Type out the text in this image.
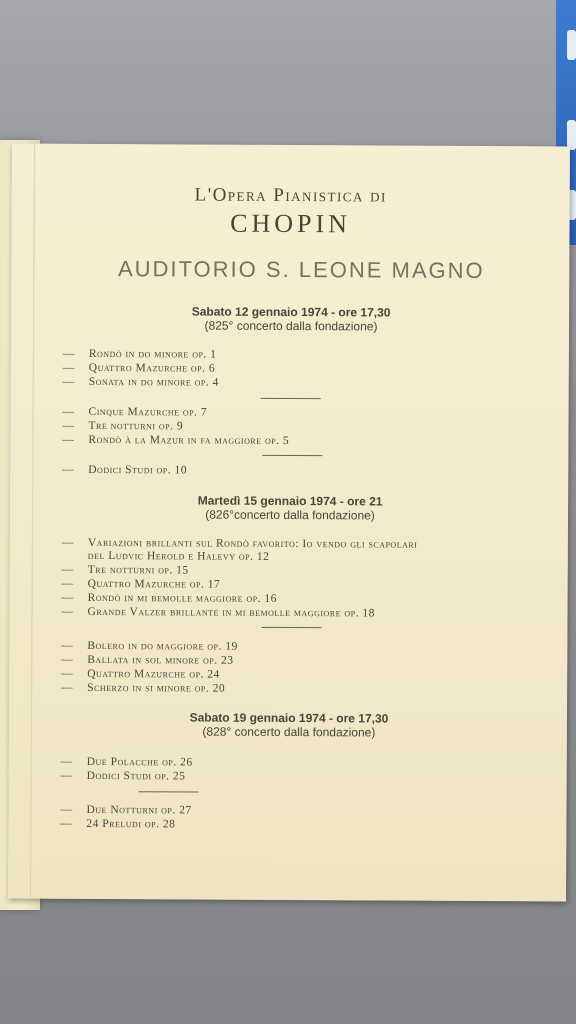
L'Opera Pianistica di
CHOPIN
AUDITORIO S. LEONE MAGNO
Sabato 12 gennaio 1974 - ore 17,30
(825° concerto dalla fondazione)
— Rondò in do minore op. 1
— Quattro Mazurche op. 6
— Sonata in do minore op. 4
— Cinque Mazurche op. 7
— Tre notturni op. 9
— Rondò à la Mazur in fa maggiore op. 5
— Dodici Studi op. 10
Martedì 15 gennaio 1974 - ore 21
(826°concerto dalla fondazione)
— Variazioni brillanti sul Rondò favorito: Io vendo gli scapolari
del Ludvic Herold e Halevy op. 12
— Tre notturni op. 15
— Quattro Mazurche op. 17
— Rondò in mi bemolle maggiore op. 16
— Grande Valzer brillante in mi bemolle maggiore op. 18
— Bolero in do maggiore op. 19
— Ballata in sol minore op. 23
— Quattro Mazurche op. 24
— Scherzo in si minore op. 20
Sabato 19 gennaio 1974 - ore 17,30
(828° concerto dalla fondazione)
— Due Polacche op. 26
— Dodici Studi op. 25
— Due Notturni op. 27
— 24 Preludi op. 28
